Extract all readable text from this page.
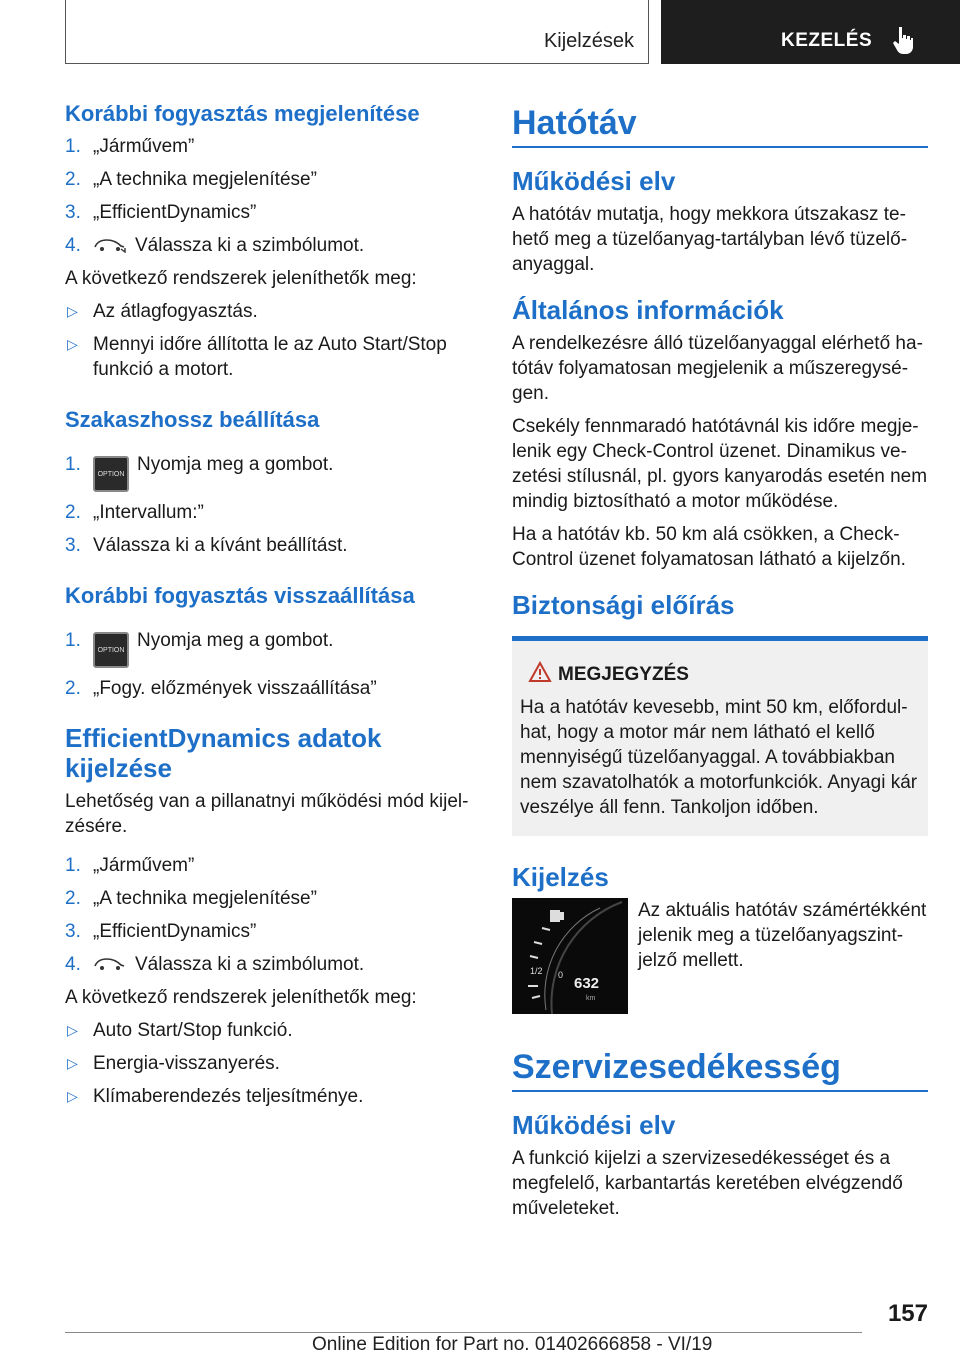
Kijelzések	KEZELÉS
Korábbi fogyasztás megjelenítése
1. „Járművem”
2. „A technika megjelenítése”
3. „EfficientDynamics”
4.	Válassza ki a szimbólumot.

A következő rendszerek jeleníthetők meg:

▷ Az átlagfogyasztás.
▷ Mennyi időre állította le az Auto Start/Stop funkció a motort.
Szakaszhossz beállítása
1. OPTION Nyomja meg a gombot.
2. „Intervallum:”
3. Válassza ki a kívánt beállítást.
Korábbi fogyasztás visszaállítása
1. OPTION Nyomja meg a gombot.
2. „Fogy. előzmények visszaállítása”
EfficientDynamics adatok kijelzése

Lehetőség van a pillanatnyi működési mód kijelzésére.

1. „Járművem”
2. „A technika megjelenítése”
3. „EfficientDynamics”
4.	Válassza ki a szimbólumot.

A következő rendszerek jeleníthetők meg:

▷ Auto Start/Stop funkció.
▷ Energia-visszanyerés.
▷ Klímaberendezés teljesítménye.
Hatótáv
Működési elv

A hatótáv mutatja, hogy mekkora útszakasz tehető meg a tüzelőanyag-tartályban lévő tüzelőanyaggal.

Általános információk

A rendelkezésre álló tüzelőanyaggal elérhető hatótáv folyamatosan megjelenik a műszeregységen.

Csekély fennmaradó hatótávnál kis időre megjelenik egy Check-Control üzenet. Dinamikus vezetési stílusnál, pl. gyors kanyarodás esetén nem mindig biztosítható a motor működése.

Ha a hatótáv kb. 50 km alá csökken, a Check-Control üzenet folyamatosan látható a kijelzőn.

Biztonsági előírás
MEGJEGYZÉS

Ha a hatótáv kevesebb, mint 50 km, előfordulhat, hogy a motor már nem látható el kellő mennyiségű tüzelőanyaggal. A továbbiakban nem szavatolhatók a motorfunkciók. Anyagi kár veszélye áll fenn. Tankoljon időben.

Kijelzés
1/2 0 632
km
Az aktuális hatótáv számértékként jelenik meg a tüzelőanyagszintjelző mellett.
Szervizesedékesség
Működési elv

A funkció kijelzi a szervizesedékességet és a megfelelő, karbantartás keretében elvégzendő műveleteket.

157
Online Edition for Part no. 01402666858 - VI/19
